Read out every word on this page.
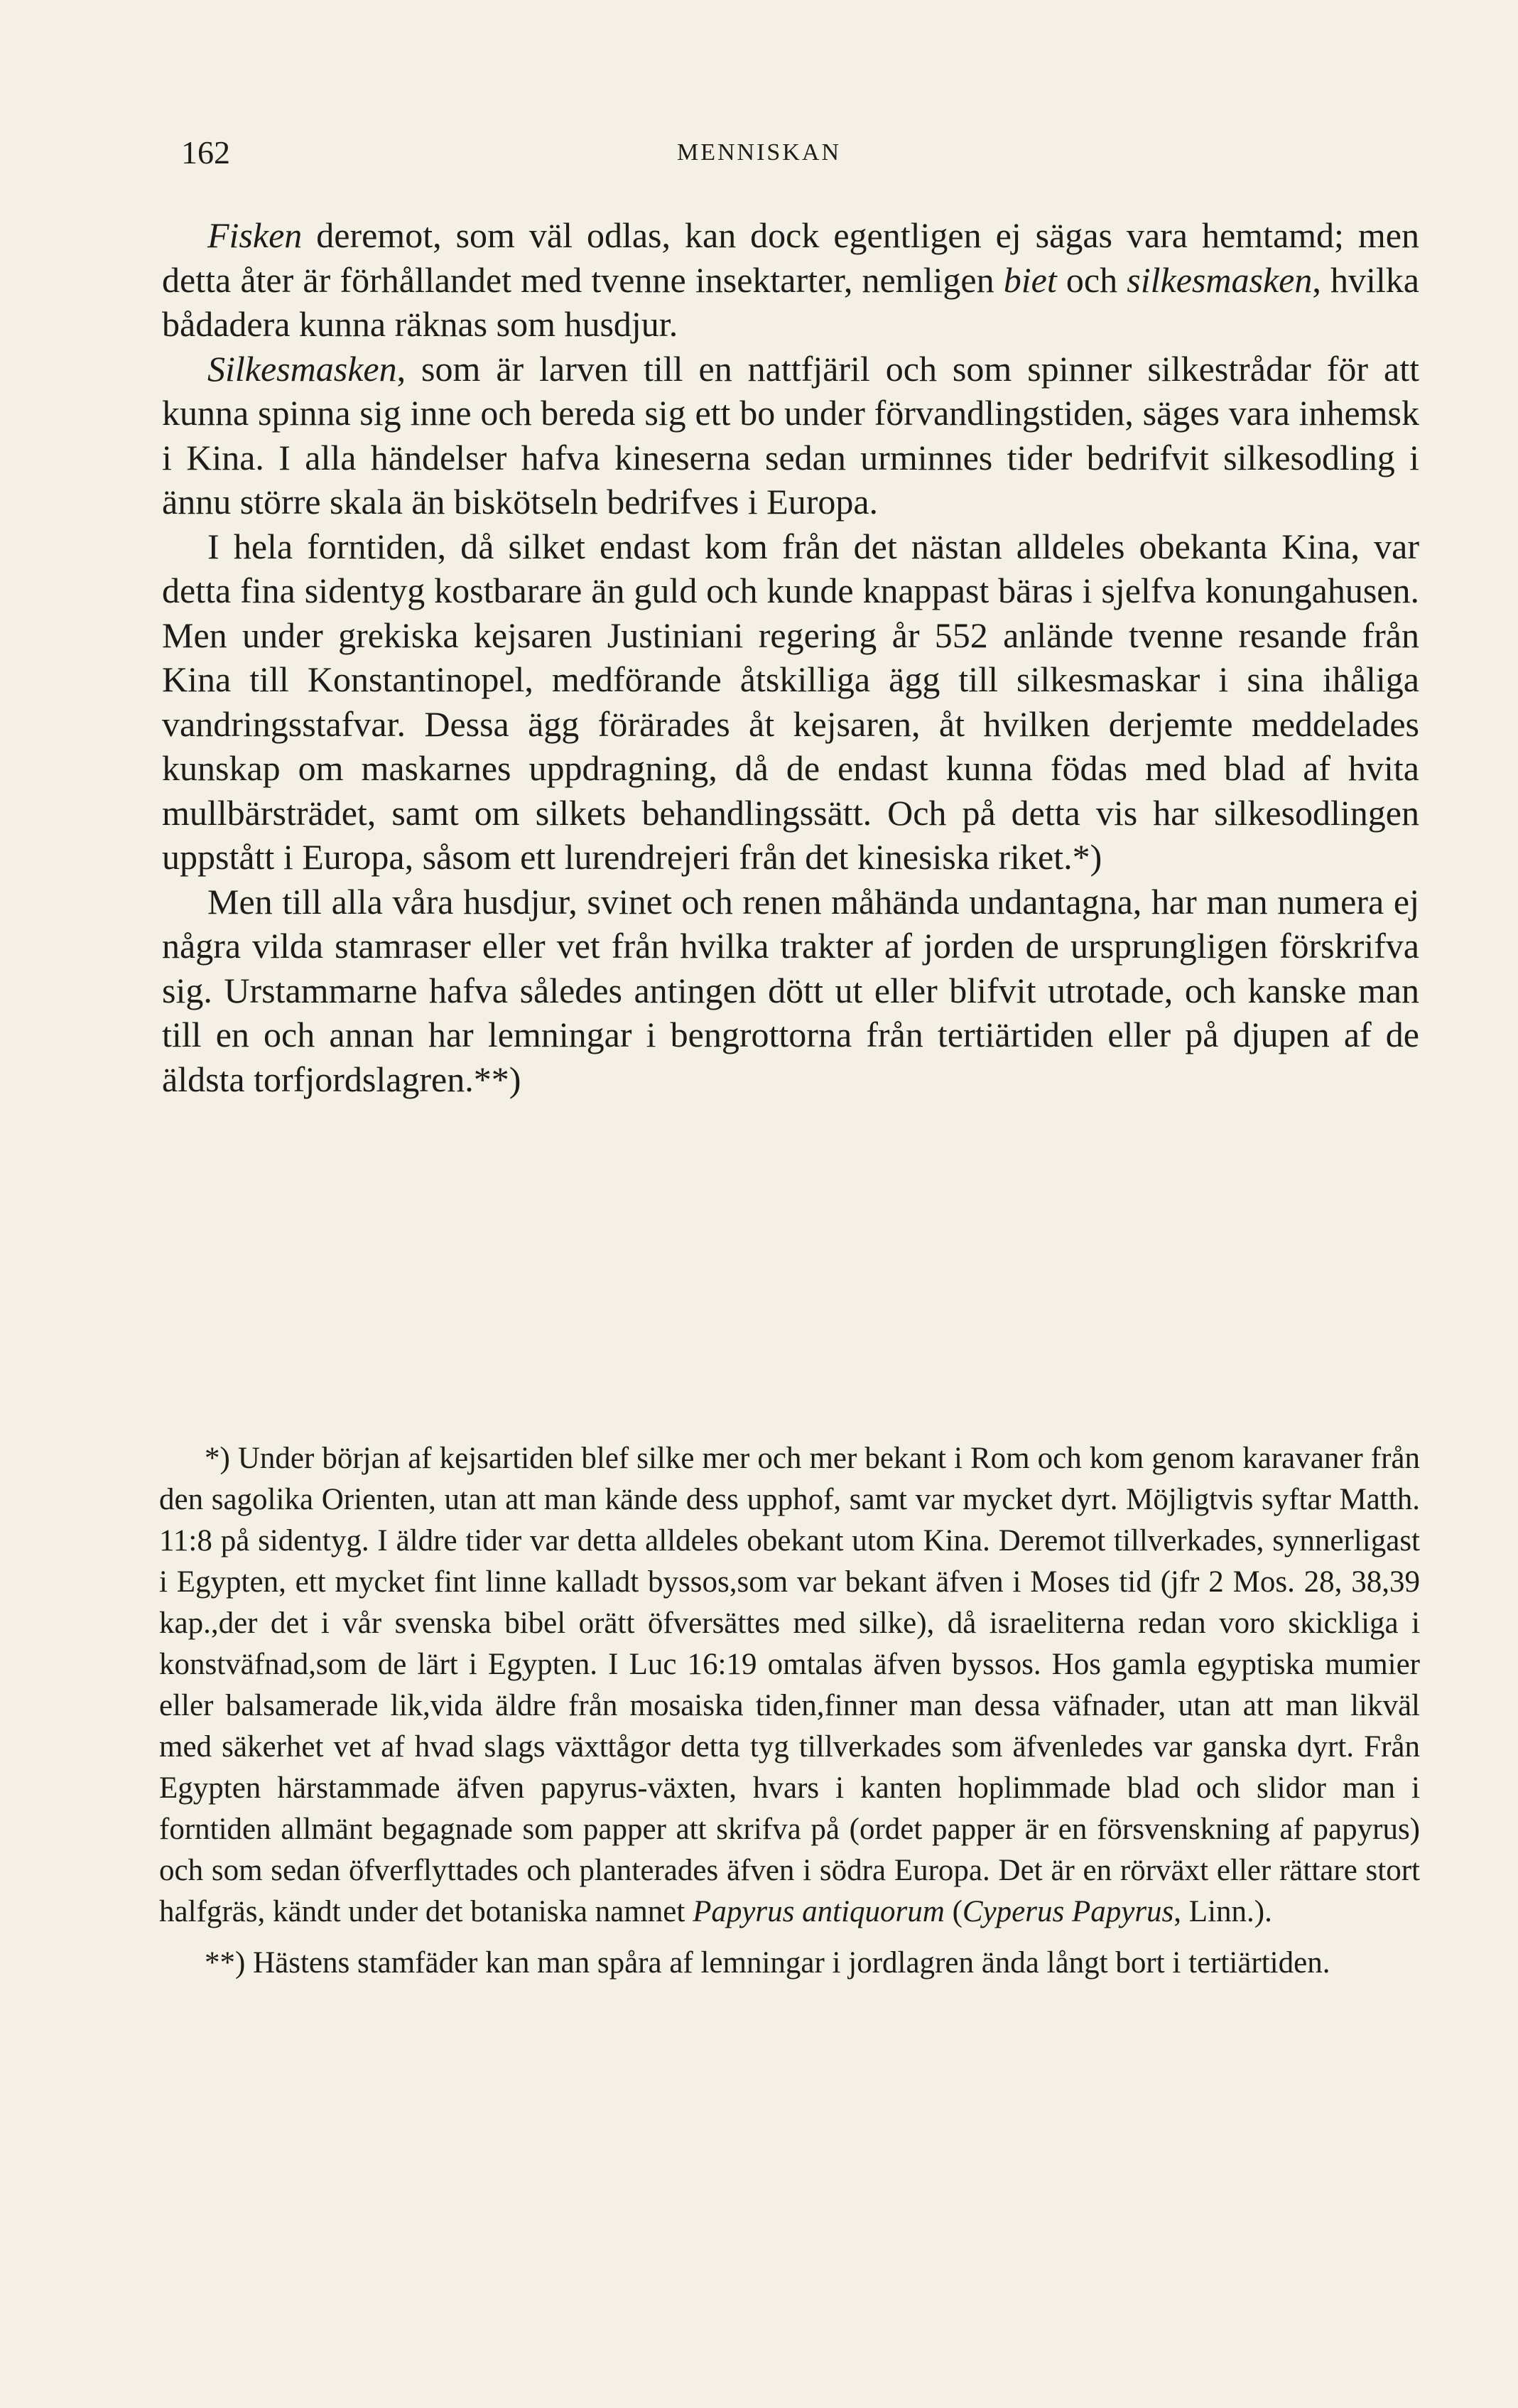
162	MENNISKAN

Fisken deremot, som väl odlas, kan dock egentligen ej sägas vara hemtamd; men detta åter är förhållandet med tvenne insektarter, nemligen biet och silkesmasken, hvilka bådadera kunna räknas som husdjur.

Silkesmasken, som är larven till en nattfjäril och som spinner silkestrådar för att kunna spinna sig inne och bereda sig ett bo under förvandlingstiden, säges vara inhemsk i Kina. I alla händelser hafva kineserna sedan urminnes tider bedrifvit silkesodling i ännu större skala än biskötseln bedrifves i Europa.

I hela forntiden, då silket endast kom från det nästan alldeles obekanta Kina, var detta fina sidentyg kostbarare än guld och kunde knappast bäras i sjelfva konungahusen. Men under grekiska kejsaren Justiniani regering år 552 anlände tvenne resande från Kina till Konstantinopel, medförande åtskilliga ägg till silkesmaskar i sina ihåliga vandringsstafvar. Dessa ägg förärades åt kejsaren, åt hvilken derjemte meddelades kunskap om maskarnes uppdragning, då de endast kunna födas med blad af hvita mullbärsträdet, samt om silkets behandlingssätt. Och på detta vis har silkesodlingen uppstått i Europa, såsom ett lurendrejeri från det kinesiska riket.*)

Men till alla våra husdjur, svinet och renen måhända undantagna, har man numera ej några vilda stamraser eller vet från hvilka trakter af jorden de ursprungligen förskrifva sig. Urstammarne hafva således antingen dött ut eller blifvit utrotade, och kanske man till en och annan har lemningar i bengrottorna från tertiärtiden eller på djupen af de äldsta torfjordslagren.**)

*) Under början af kejsartiden blef silke mer och mer bekant i Rom och kom genom karavaner från den sagolika Orienten, utan att man kände dess upphof, samt var mycket dyrt. Möjligtvis syftar Matth. 11:8 på sidentyg. I äldre tider var detta alldeles obekant utom Kina. Deremot tillverkades, synnerligast i Egypten, ett mycket fint linne kalladt byssos,som var bekant äfven i Moses tid (jfr 2 Mos. 28, 38,39 kap.,der det i vår svenska bibel orätt öfversättes med silke), då israeliterna redan voro skickliga i konstväfnad,som de lärt i Egypten. I Luc 16:19 omtalas äfven byssos. Hos gamla egyptiska mumier eller balsamerade lik,vida äldre från mosaiska tiden,finner man dessa väfnader, utan att man likväl med säkerhet vet af hvad slags växttågor detta tyg tillverkades som äfvenledes var ganska dyrt. Från Egypten härstammade äfven papyrus-växten, hvars i kanten hoplimmade blad och slidor man i forntiden allmänt begagnade som papper att skrifva på (ordet papper är en försvenskning af papyrus) och som sedan öfverflyttades och planterades äfven i södra Europa. Det är en rörväxt eller rättare stort halfgräs, kändt under det botaniska namnet Papyrus antiquorum (Cyperus Papyrus, Linn.).

**) Hästens stamfäder kan man spåra af lemningar i jordlagren ända långt bort i tertiärtiden.
